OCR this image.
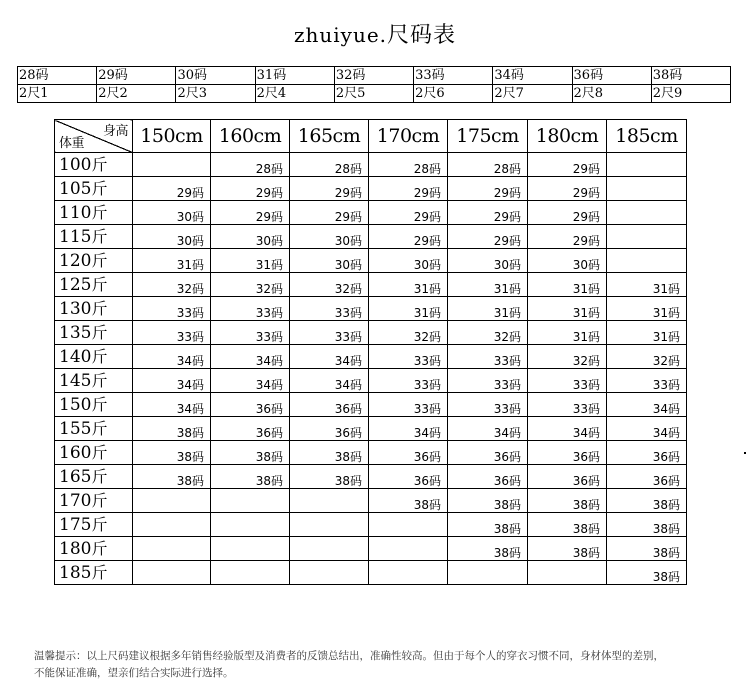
zhuiyue.尺码表
28码	29码	30码	31码	32码	33码	34码	36码	38码
2尺1	2尺2	2尺3	2尺4	2尺5	2尺6	2尺7	2尺8	2尺9
身高
体重	150cm	160cm	165cm	170cm	175cm	180cm	185cm
100斤		28码	28码	28码	28码	29码	
105斤	29码	29码	29码	29码	29码	29码	
110斤	30码	29码	29码	29码	29码	29码	
115斤	30码	30码	30码	29码	29码	29码	
120斤	31码	31码	30码	30码	30码	30码	
125斤	32码	32码	32码	31码	31码	31码	31码
130斤	33码	33码	33码	31码	31码	31码	31码
135斤	33码	33码	33码	32码	32码	31码	31码
140斤	34码	34码	34码	33码	33码	32码	32码
145斤	34码	34码	34码	33码	33码	33码	33码
150斤	34码	36码	36码	33码	33码	33码	34码
155斤	38码	36码	36码	34码	34码	34码	34码
160斤	38码	38码	38码	36码	36码	36码	36码
165斤	38码	38码	38码	36码	36码	36码	36码
170斤				38码	38码	38码	38码
175斤					38码	38码	38码
180斤					38码	38码	38码
185斤							38码
温馨提示：以上尺码建议根据多年销售经验版型及消费者的反馈总结出，准确性较高。但由于每个人的穿衣习惯不同，身材体型的差别，
不能保证准确，望亲们结合实际进行选择。
